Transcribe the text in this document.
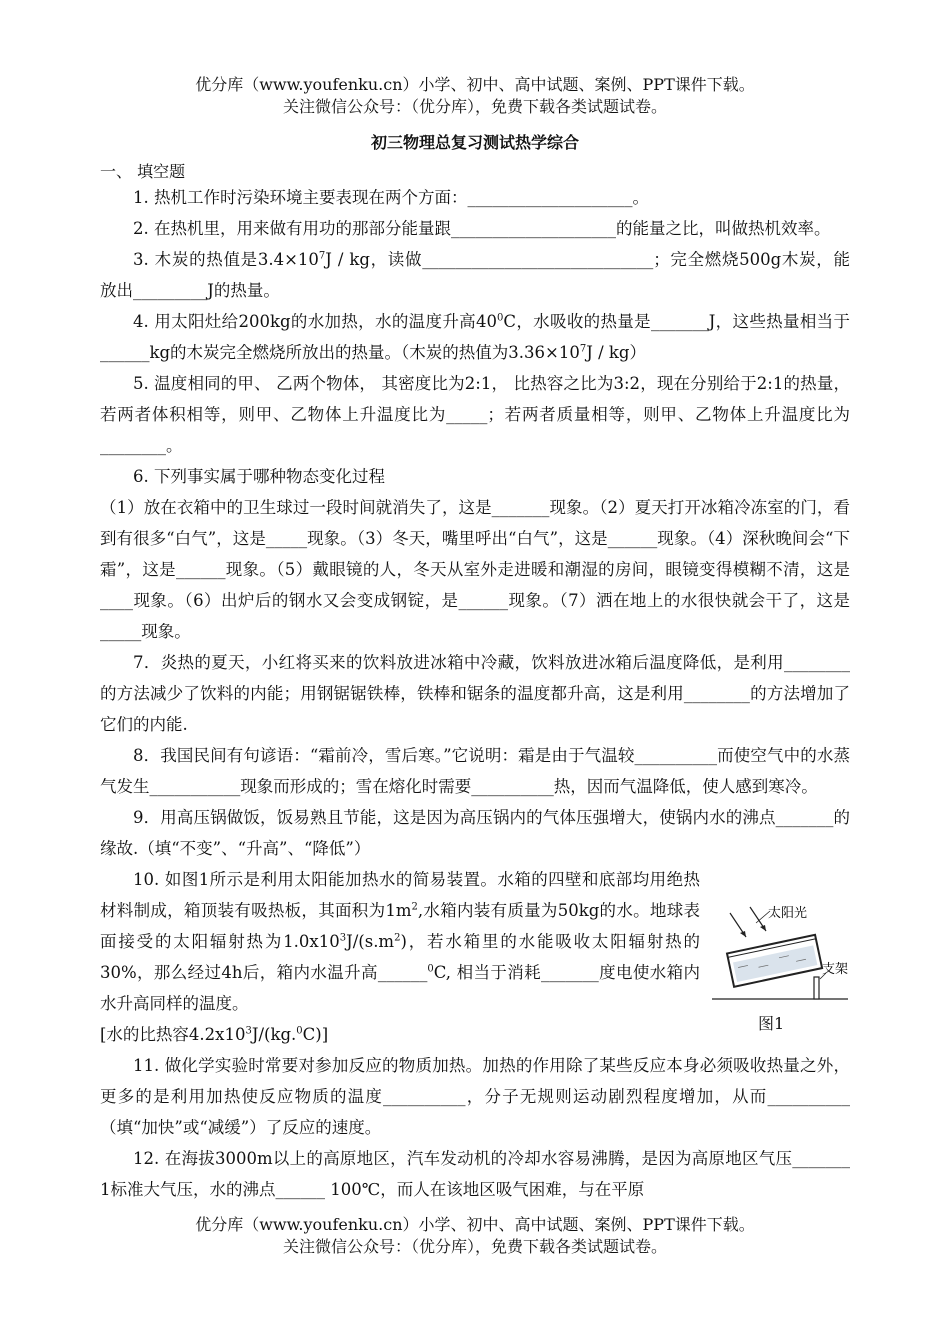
优分库（www.youfenku.cn）小学、初中、高中试题、案例、PPT课件下载。
关注微信公众号：（优分库），免费下载各类试题试卷。
初三物理总复习测试热学综合
一、 填空题

1. 热机工作时污染环境主要表现在两个方面：____________________。

2. 在热机里，用来做有用功的那部分能量跟____________________的能量之比，叫做热机效率。

3. 木炭的热值是$3.4\times 10^7J$ / kg，读做____________________________；完全燃烧500g木炭，能放出_________J的热量。

4. 用太阳灶给200kg的水加热，水的温度升高$40^0C$，水吸收的热量是_______J，这些热量相当于______kg的木炭完全燃烧所放出的热量。（木炭的热值为$3.36\times 10^7J / kg$）

5. 温度相同的甲、 乙两个物体， 其密度比为2:1， 比热容之比为3:2，现在分别给于2:1的热量，若两者体积相等，则甲、乙物体上升温度比为_____；若两者质量相等，则甲、乙物体上升温度比为________。

6. 下列事实属于哪种物态变化过程

（1）放在衣箱中的卫生球过一段时间就消失了，这是_______现象。（2）夏天打开冰箱冷冻室的门，看到有很多“白气”，这是_____现象。（3）冬天，嘴里呼出“白气”，这是______现象。（4）深秋晚间会“下霜”，这是______现象。（5）戴眼镜的人，冬天从室外走进暖和潮湿的房间，眼镜变得模糊不清，这是____现象。（6）出炉后的钢水又会变成钢锭，是______现象。（7）洒在地上的水很快就会干了，这是_____现象。

7．炎热的夏天，小红将买来的饮料放进冰箱中冷藏，饮料放进冰箱后温度降低，是利用________的方法减少了饮料的内能；用钢锯锯铁棒，铁棒和锯条的温度都升高，这是利用________的方法增加了它们的内能.

8．我国民间有句谚语：“霜前冷，雪后寒。”它说明：霜是由于气温较__________而使空气中的水蒸气发生___________现象而形成的；雪在熔化时需要__________热，因而气温降低，使人感到寒冷。

9．用高压锅做饭，饭易熟且节能，这是因为高压锅内的气体压强增大，使锅内水的沸点_______的缘故.（填“不变”、“升高”、“降低”）

10. 如图1所示是利用太阳能加热水的简易装置。水箱的四壁和底部均用绝热材料制成，箱顶装有吸热板，其面积为$1m^2$,水箱内装有质量为50kg的水。地球表面接受的太阳辐射热为$1.0x10^3J/(s.m^2)$，若水箱里的水能吸收太阳辐射热的30%，那么经过4h后，箱内水温升高______$^0$C, 相当于消耗_______度电使水箱内水升高同样的温度。

[水的比热容$4.2x10^3J/(kg.^0C)$]

11. 做化学实验时常要对参加反应的物质加热。加热的作用除了某些反应本身必须吸收热量之外，更多的是利用加热使反应物质的温度__________，分子无规则运动剧烈程度增加，从而__________（填“加快”或“减缓”）了反应的速度。

12. 在海拔3000m以上的高原地区，汽车发动机的冷却水容易沸腾，是因为高原地区气压_______ 1标准大气压，水的沸点______ 100℃，而人在该地区吸气困难，与在平原

太阳光
支架
图1
优分库（www.youfenku.cn）小学、初中、高中试题、案例、PPT课件下载。
关注微信公众号：（优分库），免费下载各类试题试卷。
